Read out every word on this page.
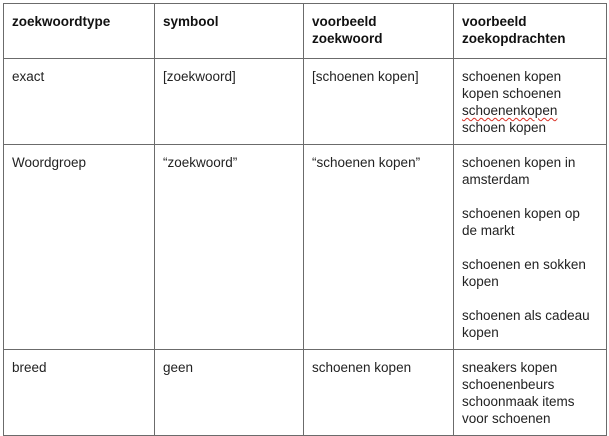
zoekwoordtype	symbool	voorbeeld zoekwoord	voorbeeld zoekopdrachten
exact	[zoekwoord]	[schoenen kopen]	schoenen kopen
kopen schoenen
schoenenkopen
schoen kopen

Woordgroep	“zoekwoord”	“schoenen kopen”	schoenen kopen in amsterdam
schoenen kopen op de markt
schoenen en sokken kopen
schoenen als cadeau kopen

breed	geen	schoenen kopen	sneakers kopen
schoenenbeurs
schoonmaak items
voor schoenen
